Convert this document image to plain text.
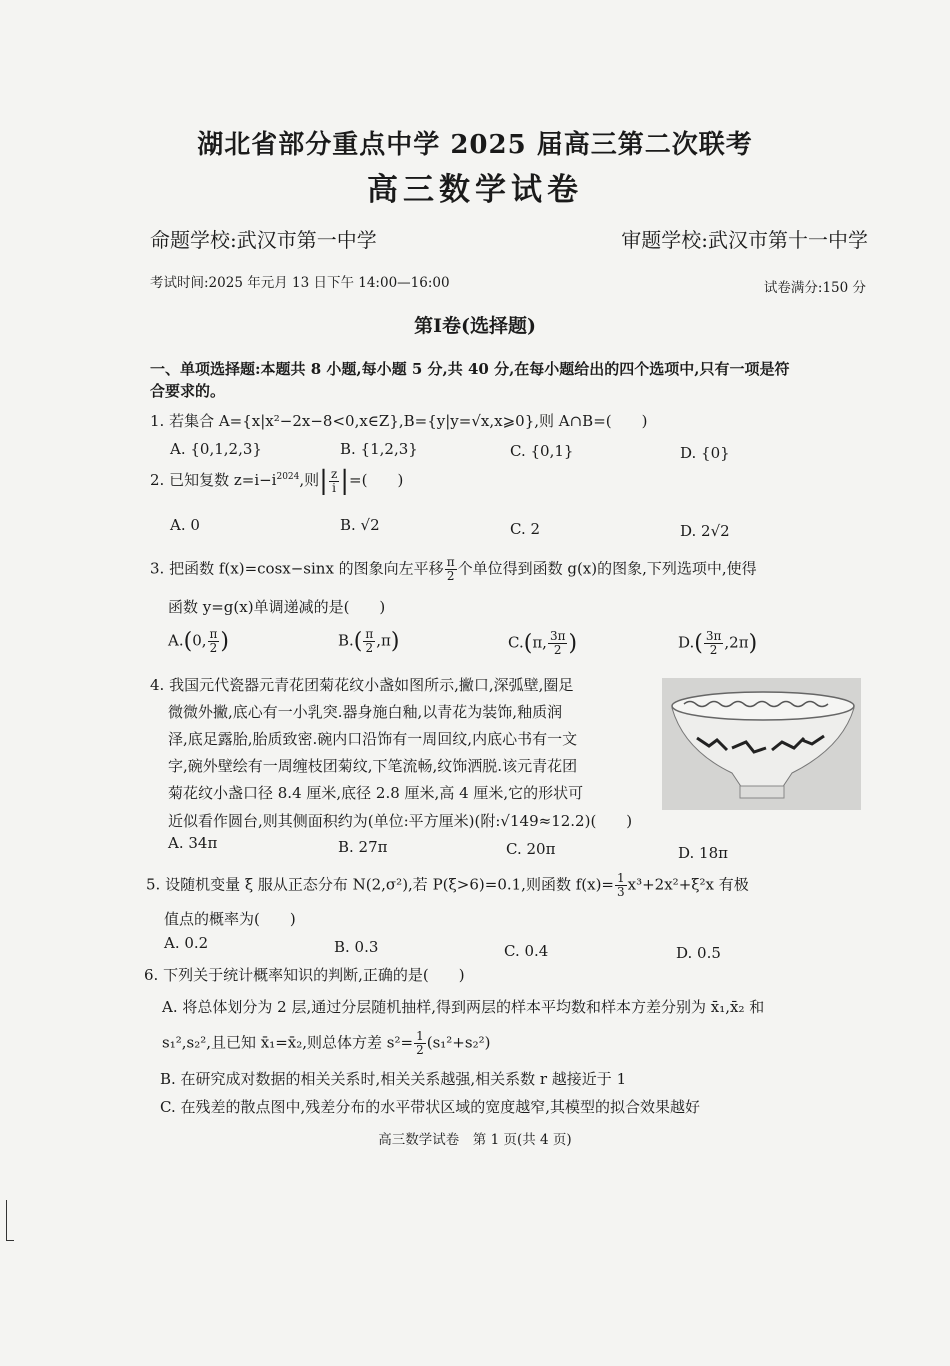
湖北省部分重点中学 2025 届高三第二次联考
高三数学试卷
命题学校:武汉市第一中学	审题学校:武汉市第十一中学
考试时间:2025 年元月 13 日下午 14:00—16:00	试卷满分:150 分
第Ⅰ卷(选择题)
一、单项选择题:本题共 8 小题,每小题 5 分,共 40 分,在每小题给出的四个选项中,只有一项是符
合要求的。
1. 若集合 A={x|x²−2x−8<0,x∈Z},B={y|y=√x,x⩾0},则 A∩B=(　　)
A. {0,1,2,3}	B. {1,2,3}	C. {0,1}	D. {0}
2. 已知复数 $z=i-i^{2024}$,则| $\frac{z}{i}$ |=(　　)
A. 0	B. √2	C. 2	D. 2√2
3. 把函数 f(x)=cosx−sinx 的图象向左平移 $\frac{\pi}{2}$ 个单位得到函数 g(x)的图象,下列选项中,使得
函数 y=g(x)单调递减的是(　　)
A.(0, $\frac{\pi}{2}$ )	$B.( \frac{\pi}{2} ,\pi)$	C.(π, $\frac{3\pi}{2}$ )	$D.( \frac{3\pi}{2} ,2\pi)$
4. 我国元代瓷器元青花团菊花纹小盏如图所示,撇口,深弧壁,圈足
微微外撇,底心有一小乳突.器身施白釉,以青花为装饰,釉质润
泽,底足露胎,胎质致密.碗内口沿饰有一周回纹,内底心书有一文
字,碗外壁绘有一周缠枝团菊纹,下笔流畅,纹饰洒脱.该元青花团
菊花纹小盏口径 8.4 厘米,底径 2.8 厘米,高 4 厘米,它的形状可
近似看作圆台,则其侧面积约为(单位:平方厘米)(附:√149≈12.2)(　　)
A. 34π	B. 27π	C. 20π	D. 18π
5. 设随机变量 ξ 服从正态分布 N(2,σ²),若 P(ξ>6)=0.1,则函数 $f(x)= \frac{1}{3} x^3+2x^2+\xi^2x$ 有极
值点的概率为(　　)
A. 0.2	B. 0.3	C. 0.4	D. 0.5
6. 下列关于统计概率知识的判断,正确的是(　　)
A. 将总体划分为 2 层,通过分层随机抽样,得到两层的样本平均数和样本方差分别为 x̄₁,x̄₂ 和
s₁²,s₂²,且已知 x̄₁=x̄₂,则总体方差 $s^2= \frac{1}{2} (s_1^2+s_2^2)$
B. 在研究成对数据的相关关系时,相关关系越强,相关系数 r 越接近于 1
C. 在残差的散点图中,残差分布的水平带状区域的宽度越窄,其模型的拟合效果越好
高三数学试卷　第 1 页(共 4 页)
